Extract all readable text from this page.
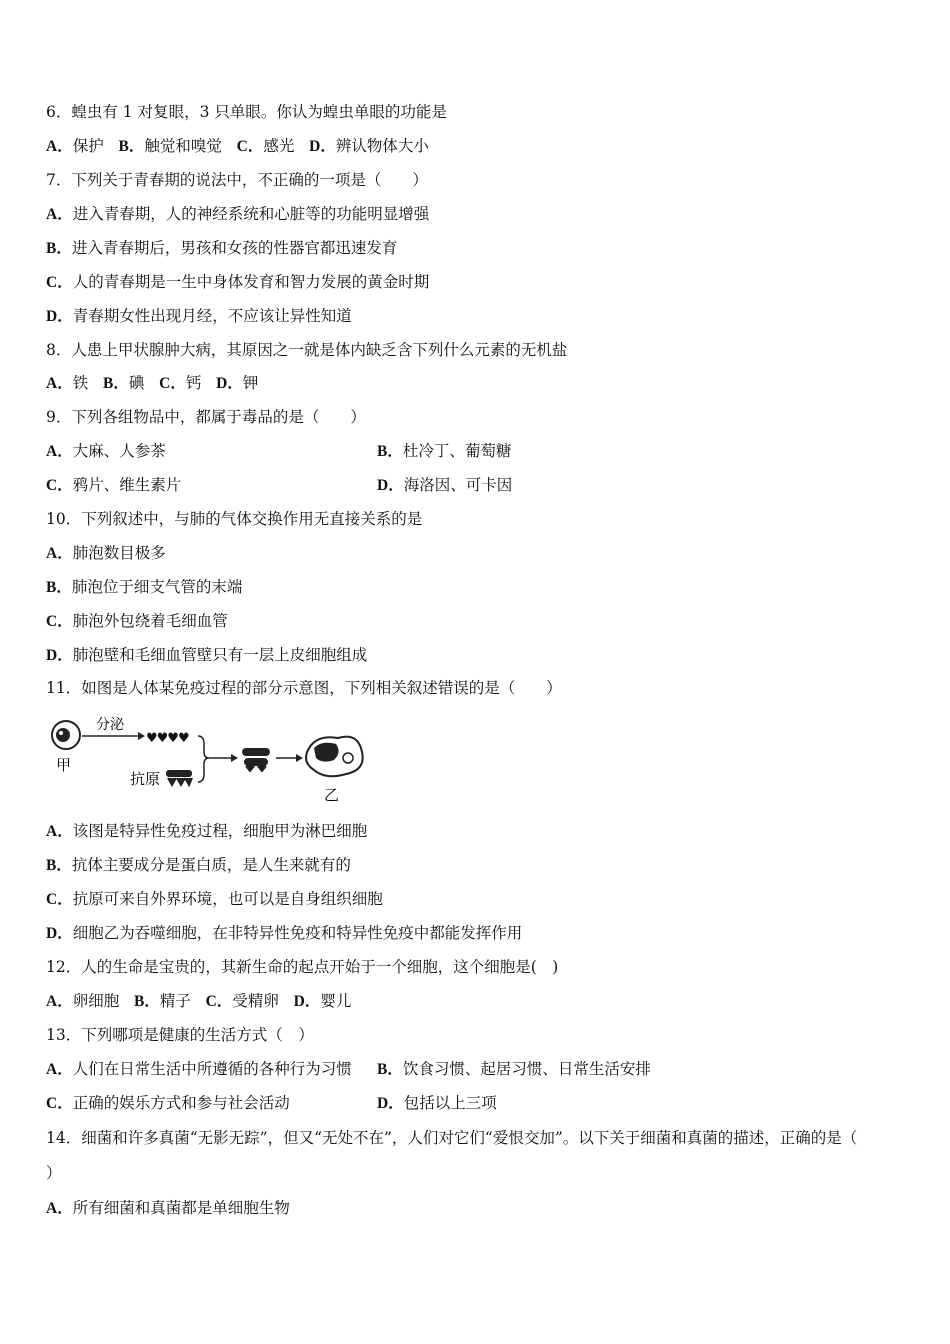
6．蝗虫有 1 对复眼，3 只单眼。你认为蝗虫单眼的功能是
A．保护 B．触觉和嗅觉 C．感光 D．辨认物体大小
7．下列关于青春期的说法中，不正确的一项是（　　）
A．进入青春期，人的神经系统和心脏等的功能明显增强
B．进入青春期后，男孩和女孩的性器官都迅速发育
C．人的青春期是一生中身体发育和智力发展的黄金时期
D．青春期女性出现月经，不应该让异性知道
8．人患上甲状腺肿大病，其原因之一就是体内缺乏含下列什么元素的无机盐
A．铁 B．碘 C．钙 D．钾
9．下列各组物品中，都属于毒品的是（　　）
A．大麻、人参茶	B．杜冷丁、葡萄糖
C．鸦片、维生素片	D．海洛因、可卡因
10．下列叙述中，与肺的气体交换作用无直接关系的是
A．肺泡数目极多
B．肺泡位于细支气管的末端
C．肺泡外包绕着毛细血管
D．肺泡壁和毛细血管壁只有一层上皮细胞组成
11．如图是人体某免疫过程的部分示意图，下列相关叙述错误的是（　　）
甲
分泌
♥♥♥♥
抗原
乙
A．该图是特异性免疫过程，细胞甲为淋巴细胞
B．抗体主要成分是蛋白质，是人生来就有的
C．抗原可来自外界环境，也可以是自身组织细胞
D．细胞乙为吞噬细胞，在非特异性免疫和特异性免疫中都能发挥作用
12．人的生命是宝贵的，其新生命的起点开始于一个细胞，这个细胞是(　)
A．卵细胞 B．精子 C．受精卵 D．婴儿
13．下列哪项是健康的生活方式（　）
A．人们在日常生活中所遵循的各种行为习惯 B．饮食习惯、起居习惯、日常生活安排
C．正确的娱乐方式和参与社会活动	D．包括以上三项
14．细菌和许多真菌“无影无踪”，但又“无处不在”，人们对它们“爱恨交加”。以下关于细菌和真菌的描述，正确的是（
）
A．所有细菌和真菌都是单细胞生物
